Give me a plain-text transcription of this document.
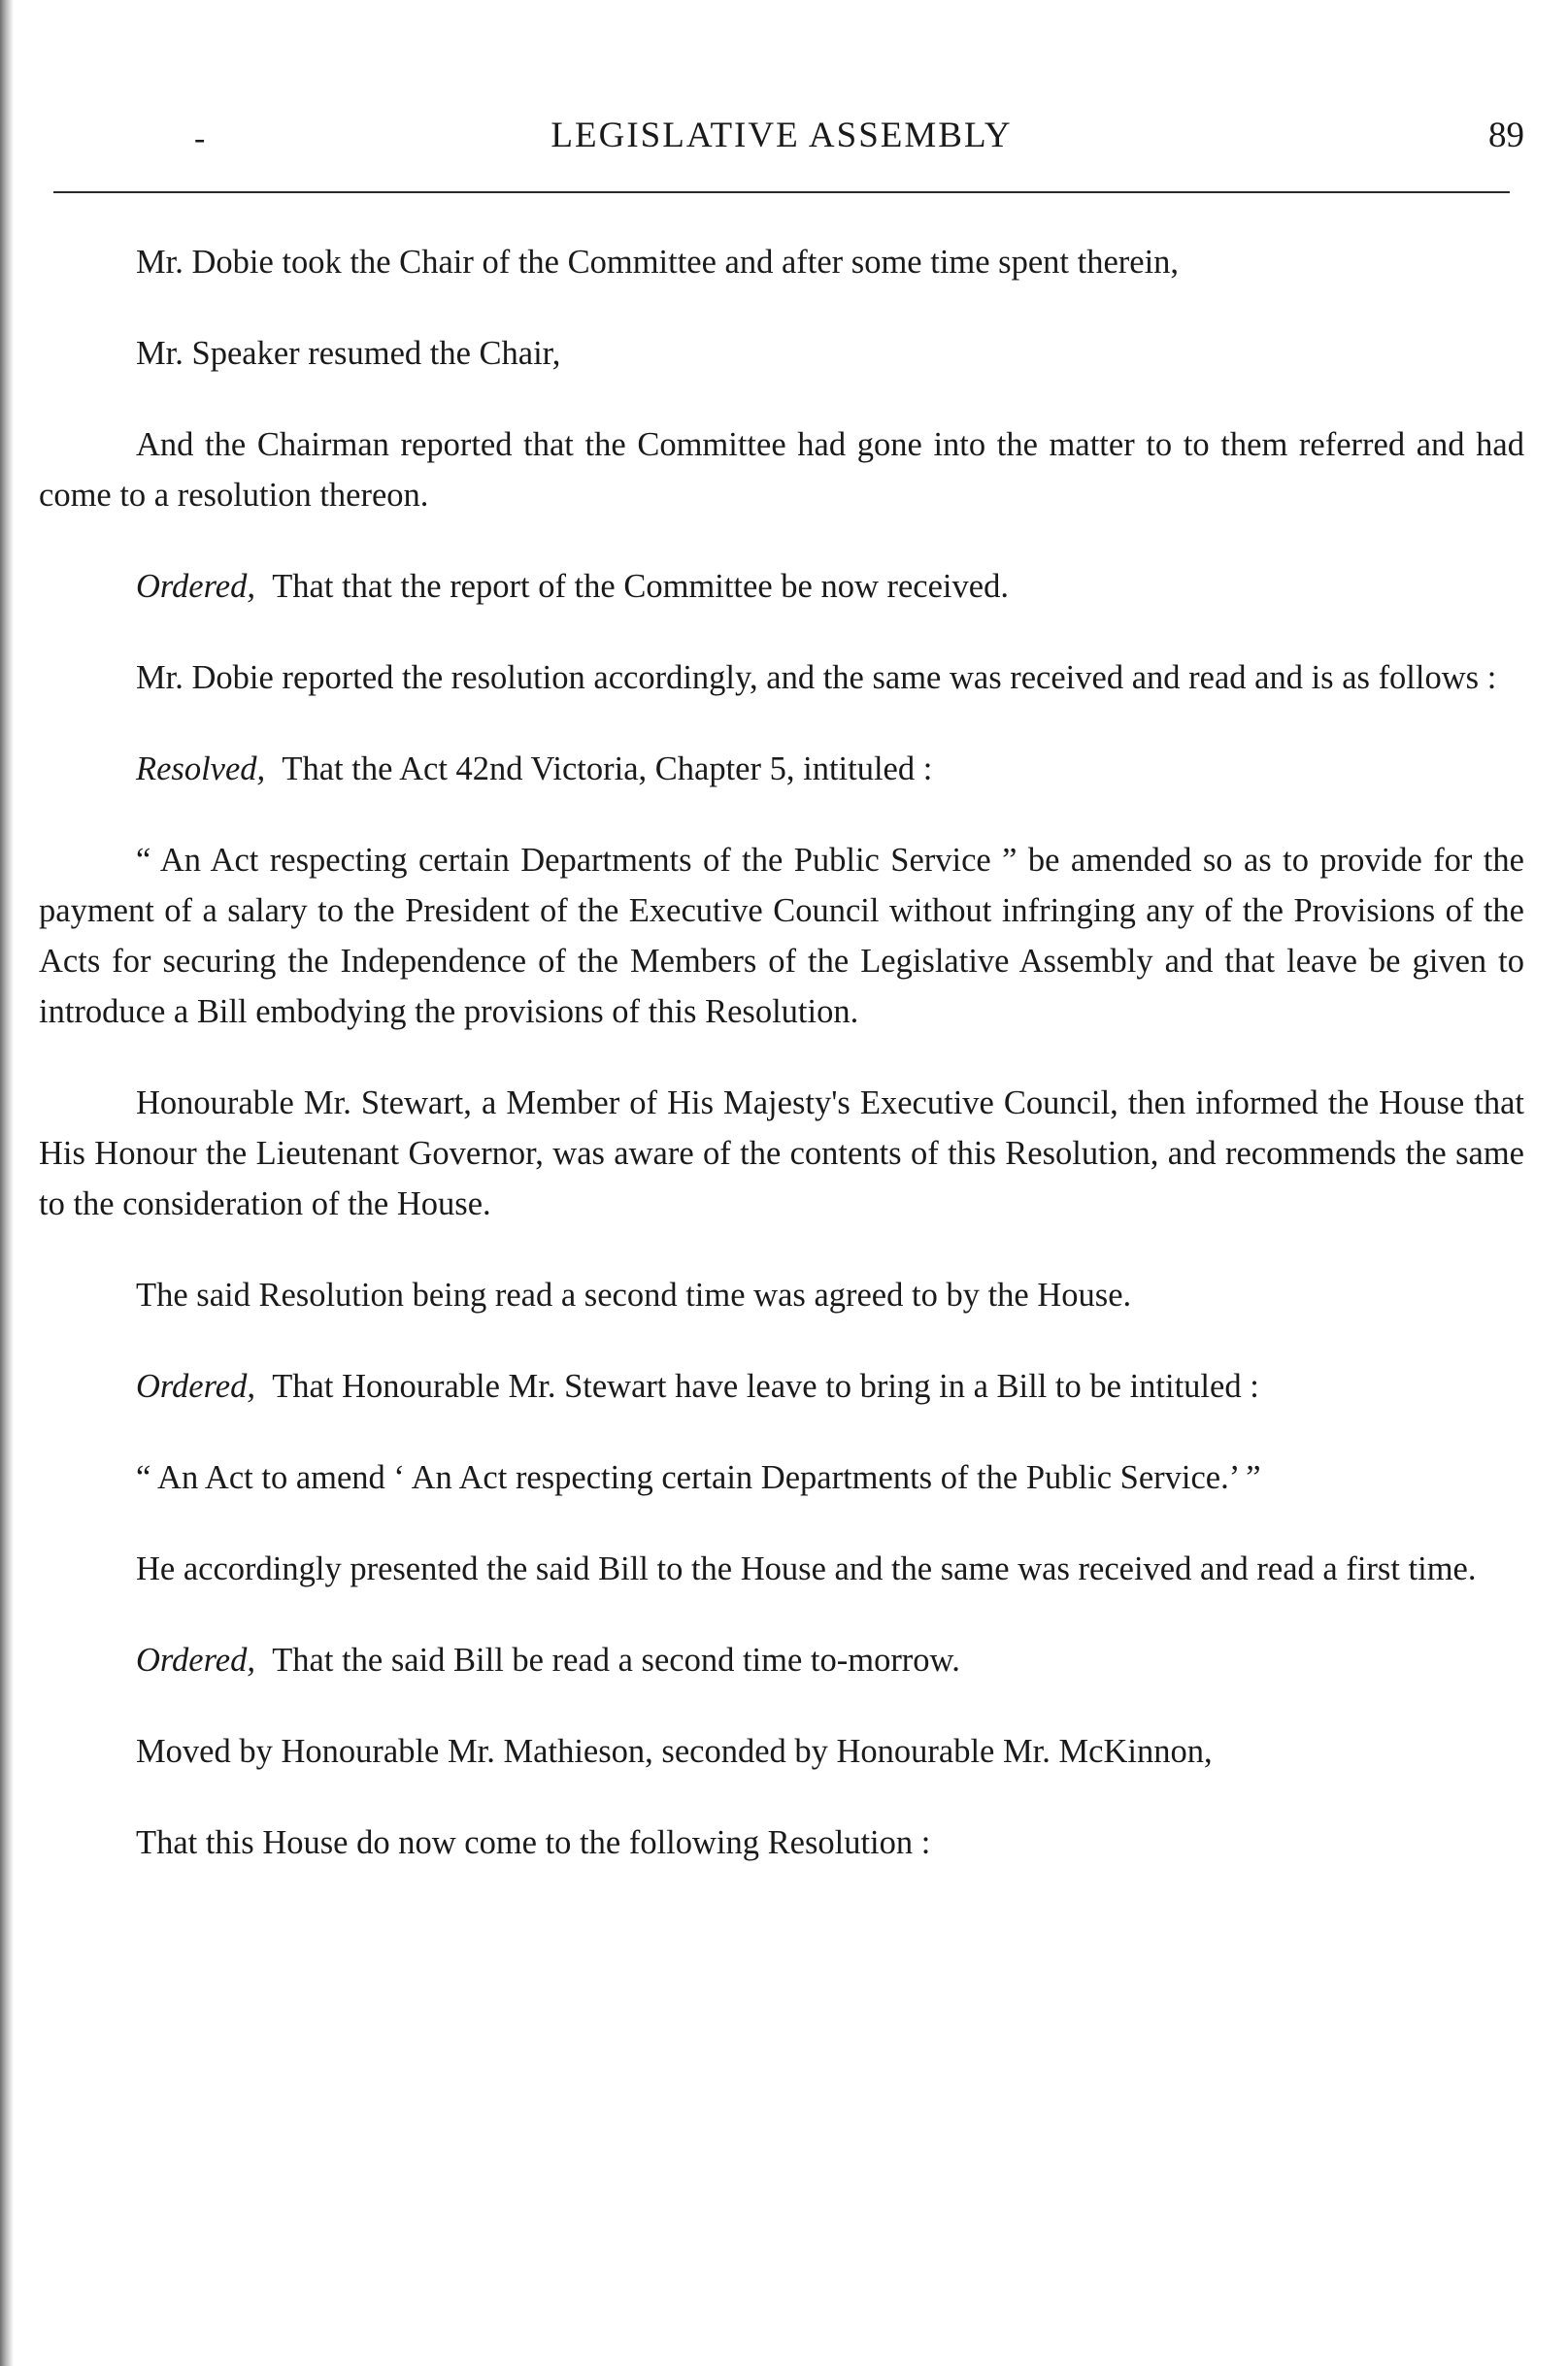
-	LEGISLATIVE ASSEMBLY	89

Mr. Dobie took the Chair of the Committee and after some time spent therein,

Mr. Speaker resumed the Chair,

And the Chairman reported that the Committee had gone into the matter to to them referred and had come to a resolution thereon.

Ordered, That that the report of the Committee be now received.

Mr. Dobie reported the resolution accordingly, and the same was received and read and is as follows :

Resolved, That the Act 42nd Victoria, Chapter 5, intituled :

“ An Act respecting certain Departments of the Public Service ” be amended so as to provide for the payment of a salary to the President of the Executive Council without infringing any of the Provisions of the Acts for securing the Independence of the Members of the Legislative Assembly and that leave be given to introduce a Bill embodying the provisions of this Resolution.

Honourable Mr. Stewart, a Member of His Majesty's Executive Council, then informed the House that His Honour the Lieutenant Governor, was aware of the contents of this Resolution, and recommends the same to the consideration of the House.

The said Resolution being read a second time was agreed to by the House.

Ordered, That Honourable Mr. Stewart have leave to bring in a Bill to be intituled :

“ An Act to amend ‘ An Act respecting certain Departments of the Public Service.’ ”

He accordingly presented the said Bill to the House and the same was received and read a first time.

Ordered, That the said Bill be read a second time to-morrow.

Moved by Honourable Mr. Mathieson, seconded by Honourable Mr. McKinnon,

That this House do now come to the following Resolution :
